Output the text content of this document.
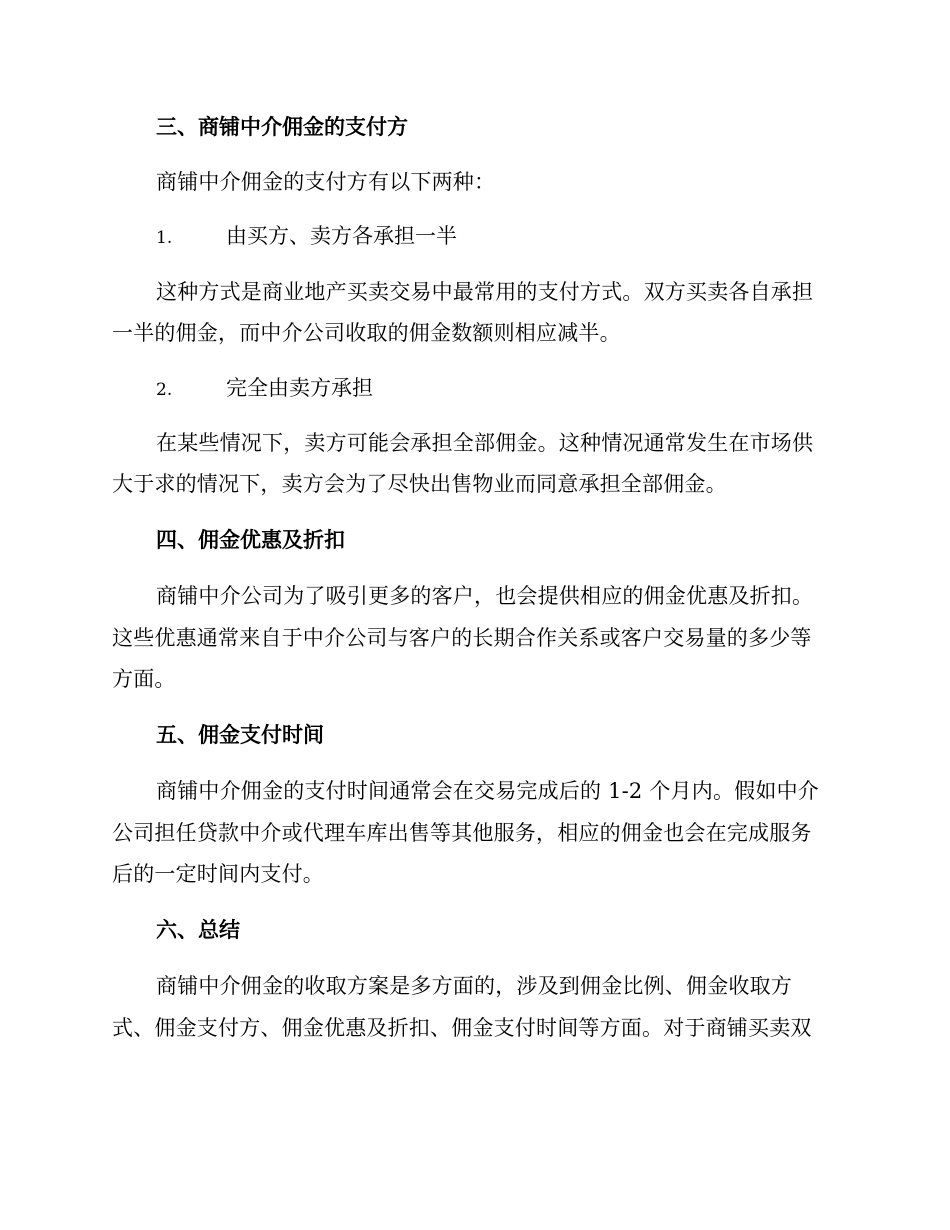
三、商铺中介佣金的支付方
商铺中介佣金的支付方有以下两种：
1.	由买方、卖方各承担一半
这种方式是商业地产买卖交易中最常用的支付方式。双方买卖各自承担
一半的佣金，而中介公司收取的佣金数额则相应减半。
2.	完全由卖方承担
在某些情况下，卖方可能会承担全部佣金。这种情况通常发生在市场供
大于求的情况下，卖方会为了尽快出售物业而同意承担全部佣金。
四、佣金优惠及折扣
商铺中介公司为了吸引更多的客户，也会提供相应的佣金优惠及折扣。
这些优惠通常来自于中介公司与客户的长期合作关系或客户交易量的多少等
方面。
五、佣金支付时间
商铺中介佣金的支付时间通常会在交易完成后的 1-2 个月内。假如中介
公司担任贷款中介或代理车库出售等其他服务，相应的佣金也会在完成服务
后的一定时间内支付。
六、总结
商铺中介佣金的收取方案是多方面的，涉及到佣金比例、佣金收取方
式、佣金支付方、佣金优惠及折扣、佣金支付时间等方面。对于商铺买卖双
